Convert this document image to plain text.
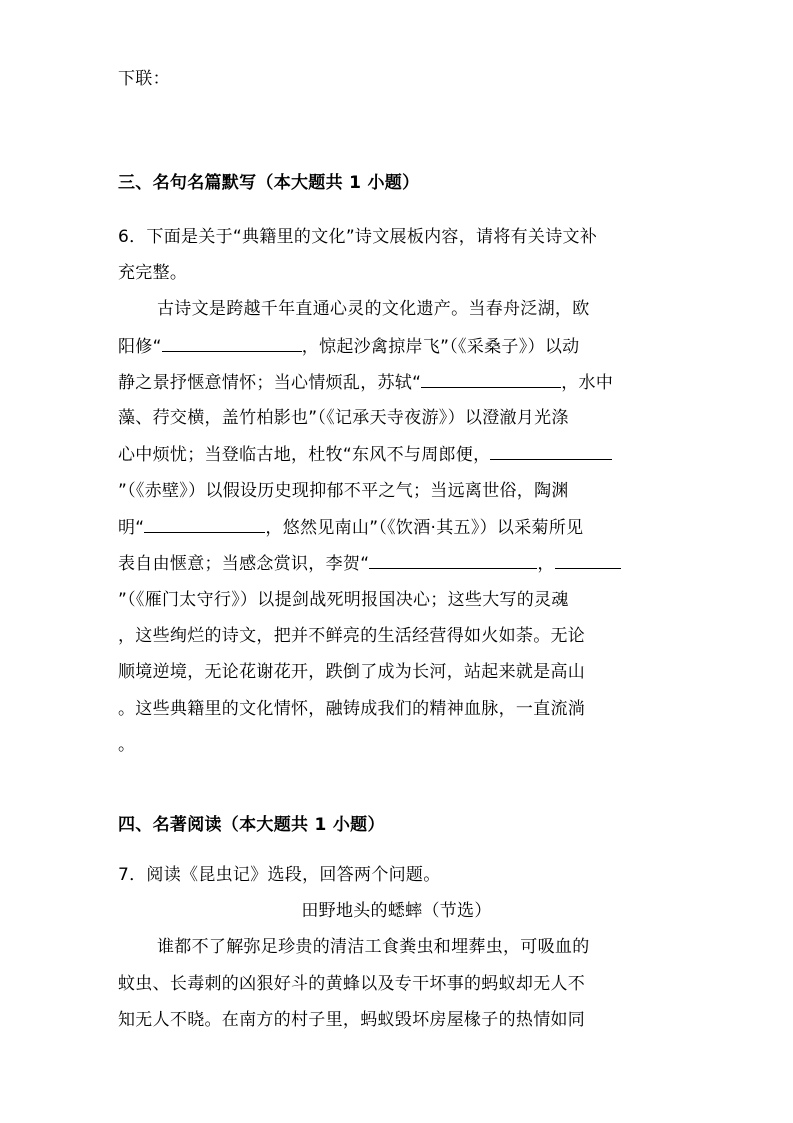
下联：
三、名句名篇默写（本大题共 1 小题）
6．下面是关于“典籍里的文化”诗文展板内容，请将有关诗文补
充完整。
古诗文是跨越千年直通心灵的文化遗产。当春舟泛湖，欧
阳修“	，惊起沙禽掠岸飞”（《采桑子》）以动
静之景抒惬意情怀；当心情烦乱，苏轼“	，水中
藻、荇交横，盖竹柏影也”（《记承天寺夜游》）以澄澈月光涤
心中烦忧；当登临古地，杜牧“东风不与周郎便，
”（《赤壁》）以假设历史现抑郁不平之气；当远离世俗，陶渊
明“	，悠然见南山”（《饮酒·其五》）以采菊所见
表自由惬意；当感念赏识，李贺“	，
”（《雁门太守行》）以提剑战死明报国决心；这些大写的灵魂
，这些绚烂的诗文，把并不鲜亮的生活经营得如火如荼。无论
顺境逆境，无论花谢花开，跌倒了成为长河，站起来就是高山
。这些典籍里的文化情怀，融铸成我们的精神血脉，一直流淌
。
四、名著阅读（本大题共 1 小题）
7．阅读《昆虫记》选段，回答两个问题。
田野地头的蟋蟀（节选）
谁都不了解弥足珍贵的清洁工食粪虫和埋葬虫，可吸血的
蚊虫、长毒刺的凶狠好斗的黄蜂以及专干坏事的蚂蚁却无人不
知无人不晓。在南方的村子里，蚂蚁毁坏房屋椽子的热情如同
